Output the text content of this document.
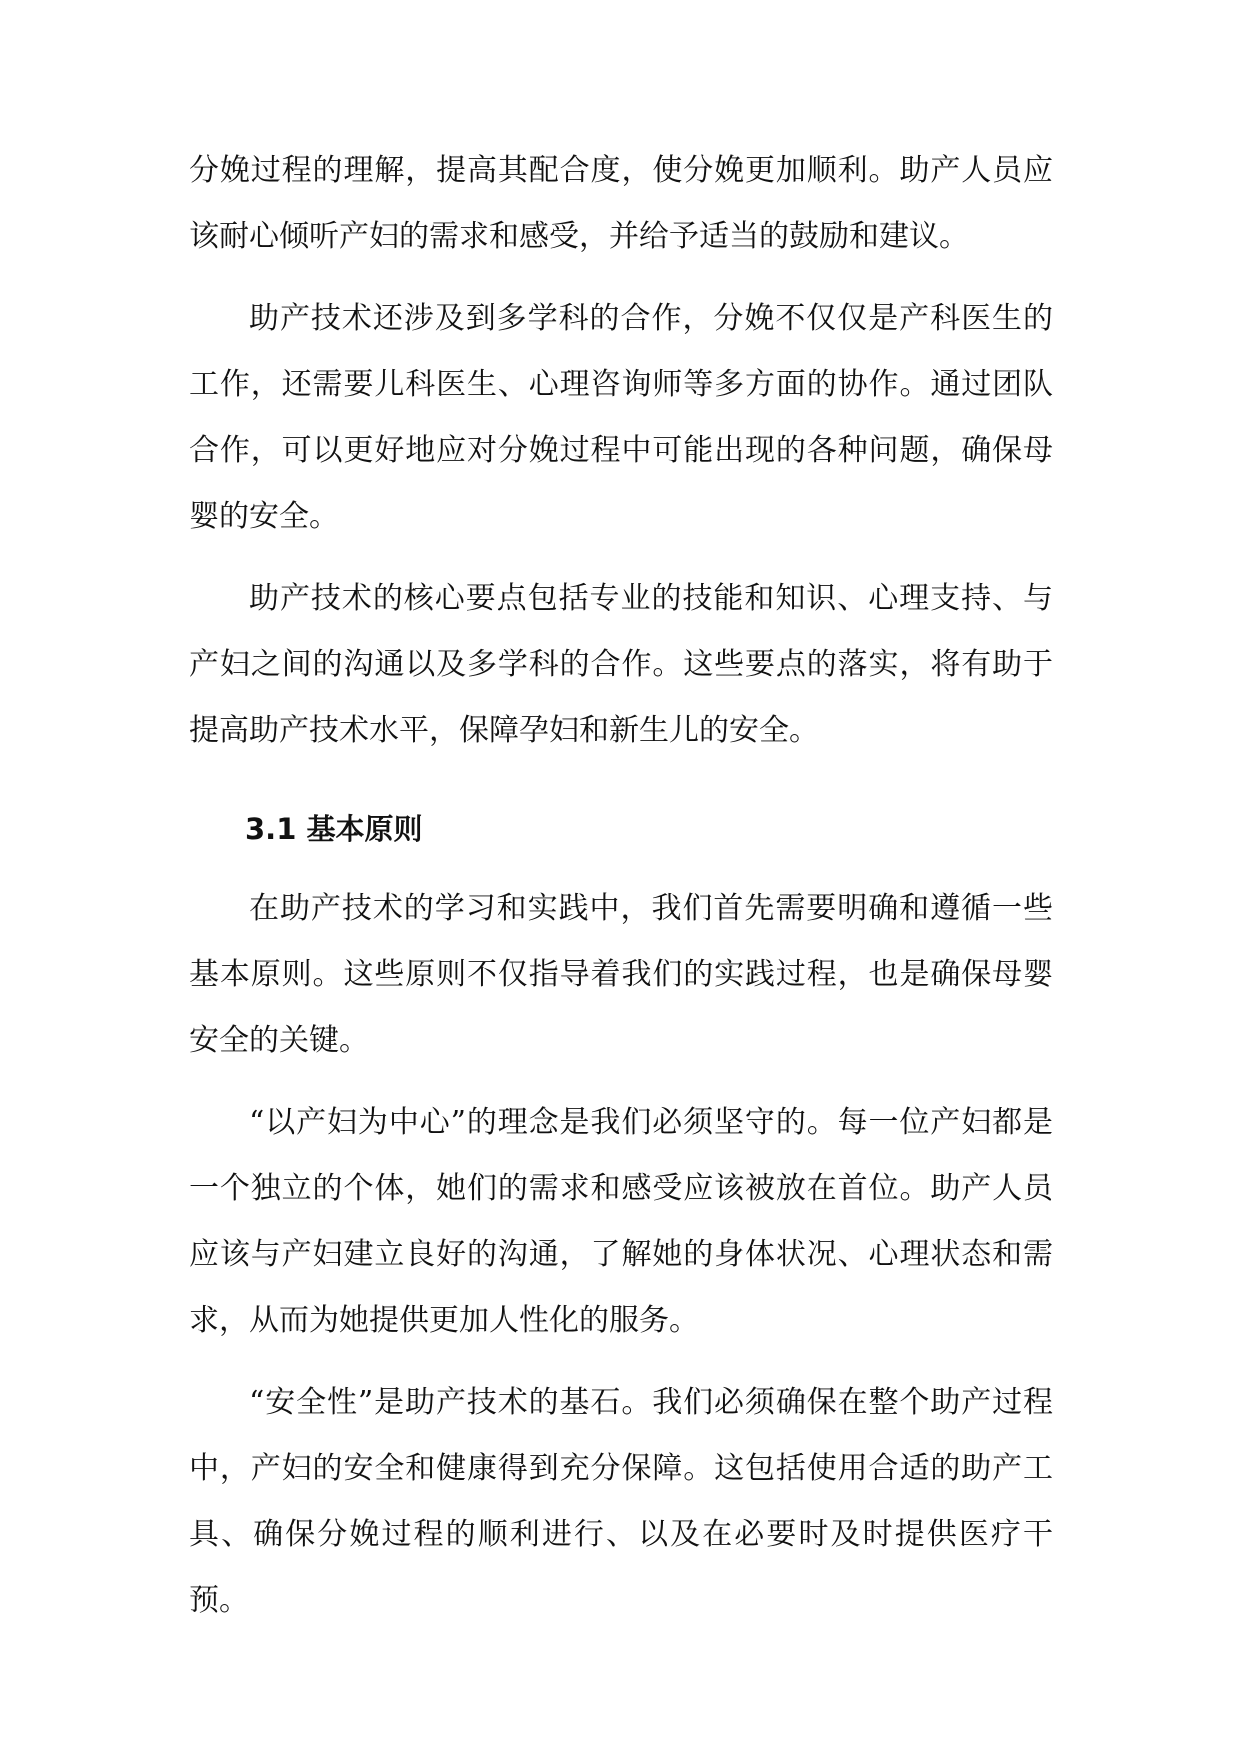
分娩过程的理解，提高其配合度，使分娩更加顺利。助产人员应该耐心倾听产妇的需求和感受，并给予适当的鼓励和建议。

助产技术还涉及到多学科的合作，分娩不仅仅是产科医生的工作，还需要儿科医生、心理咨询师等多方面的协作。通过团队合作，可以更好地应对分娩过程中可能出现的各种问题，确保母婴的安全。

助产技术的核心要点包括专业的技能和知识、心理支持、与产妇之间的沟通以及多学科的合作。这些要点的落实，将有助于提高助产技术水平，保障孕妇和新生儿的安全。

3.1 基本原则

在助产技术的学习和实践中，我们首先需要明确和遵循一些基本原则。这些原则不仅指导着我们的实践过程，也是确保母婴安全的关键。

“以产妇为中心”的理念是我们必须坚守的。每一位产妇都是一个独立的个体，她们的需求和感受应该被放在首位。助产人员应该与产妇建立良好的沟通，了解她的身体状况、心理状态和需求，从而为她提供更加人性化的服务。

“安全性”是助产技术的基石。我们必须确保在整个助产过程中，产妇的安全和健康得到充分保障。这包括使用合适的助产工具、确保分娩过程的顺利进行、以及在必要时及时提供医疗干预。
